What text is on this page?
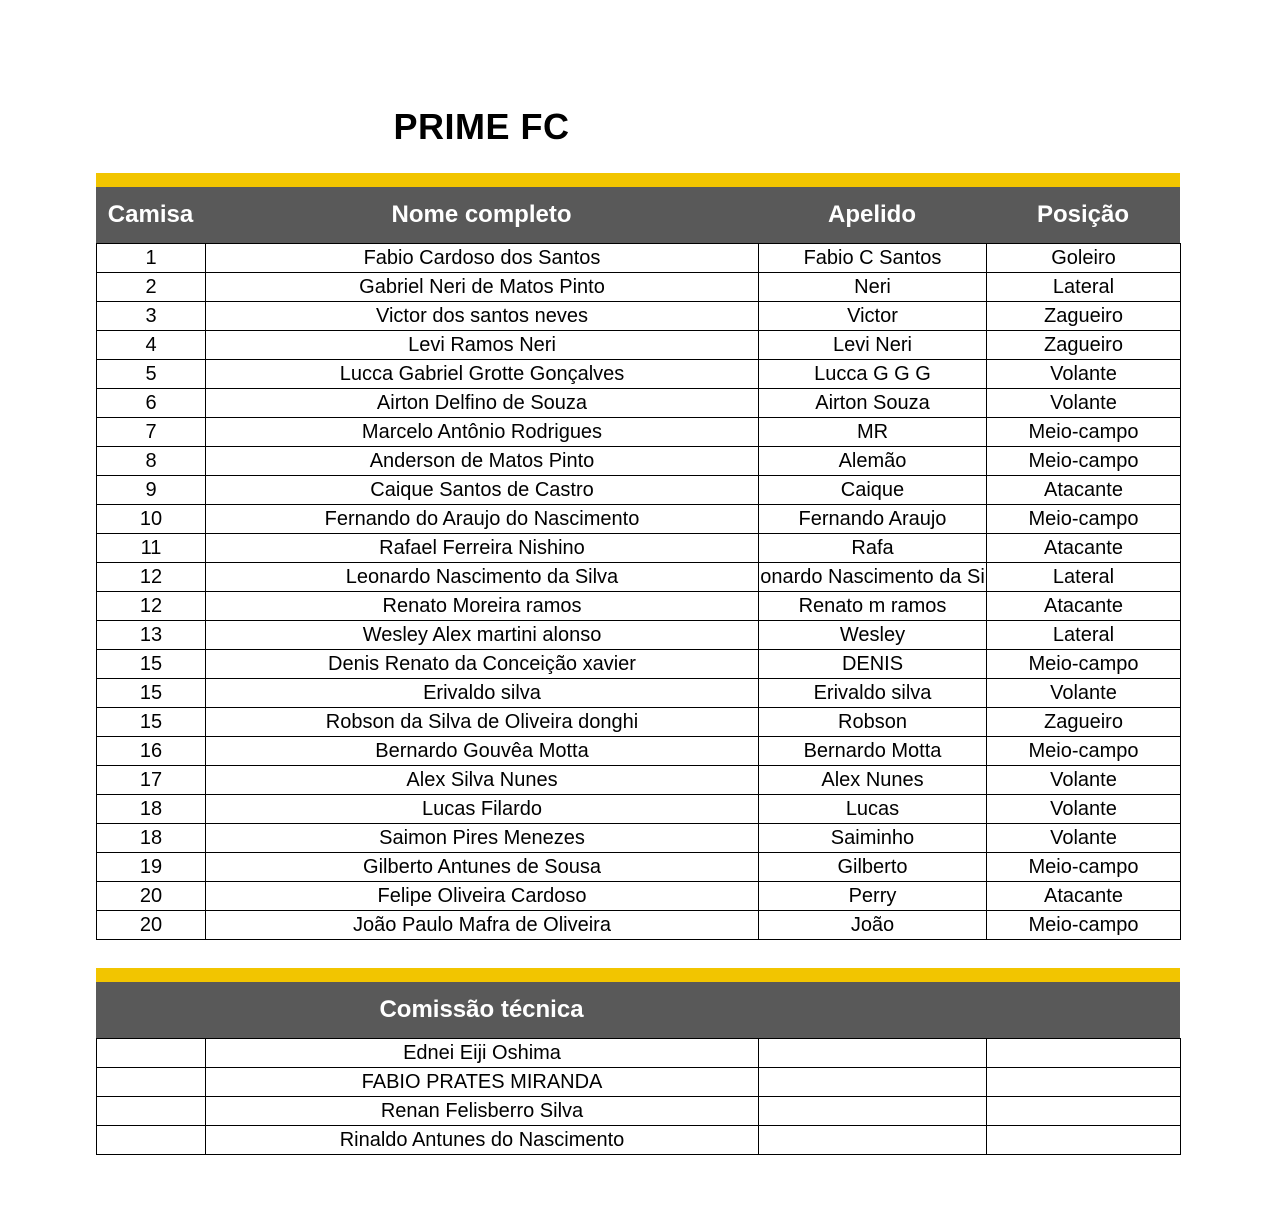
PRIME FC
Camisa	Nome completo	Apelido	Posição
1	Fabio Cardoso dos Santos	Fabio C Santos	Goleiro
2	Gabriel Neri de Matos Pinto	Neri	Lateral
3	Victor dos santos neves	Victor	Zagueiro
4	Levi Ramos Neri	Levi Neri	Zagueiro
5	Lucca Gabriel Grotte Gonçalves	Lucca G G G	Volante
6	Airton Delfino de Souza	Airton Souza	Volante
7	Marcelo Antônio Rodrigues	MR	Meio-campo
8	Anderson de Matos Pinto	Alemão	Meio-campo
9	Caique Santos de Castro	Caique	Atacante
10	Fernando do Araujo do Nascimento	Fernando Araujo	Meio-campo
11	Rafael Ferreira Nishino	Rafa	Atacante
12	Leonardo Nascimento da Silva	onardo Nascimento da Si	Lateral
12	Renato Moreira ramos	Renato m ramos	Atacante
13	Wesley Alex martini alonso	Wesley	Lateral
15	Denis Renato da Conceição xavier	DENIS	Meio-campo
15	Erivaldo silva	Erivaldo silva	Volante
15	Robson da Silva de Oliveira donghi	Robson	Zagueiro
16	Bernardo Gouvêa Motta	Bernardo Motta	Meio-campo
17	Alex Silva Nunes	Alex Nunes	Volante
18	Lucas Filardo	Lucas	Volante
18	Saimon Pires Menezes	Saiminho	Volante
19	Gilberto Antunes de Sousa	Gilberto	Meio-campo
20	Felipe Oliveira Cardoso	Perry	Atacante
20	João Paulo Mafra de Oliveira	João	Meio-campo
Comissão técnica
	Ednei Eiji Oshima		
	FABIO PRATES MIRANDA		
	Renan Felisberro Silva		
	Rinaldo Antunes do Nascimento		
